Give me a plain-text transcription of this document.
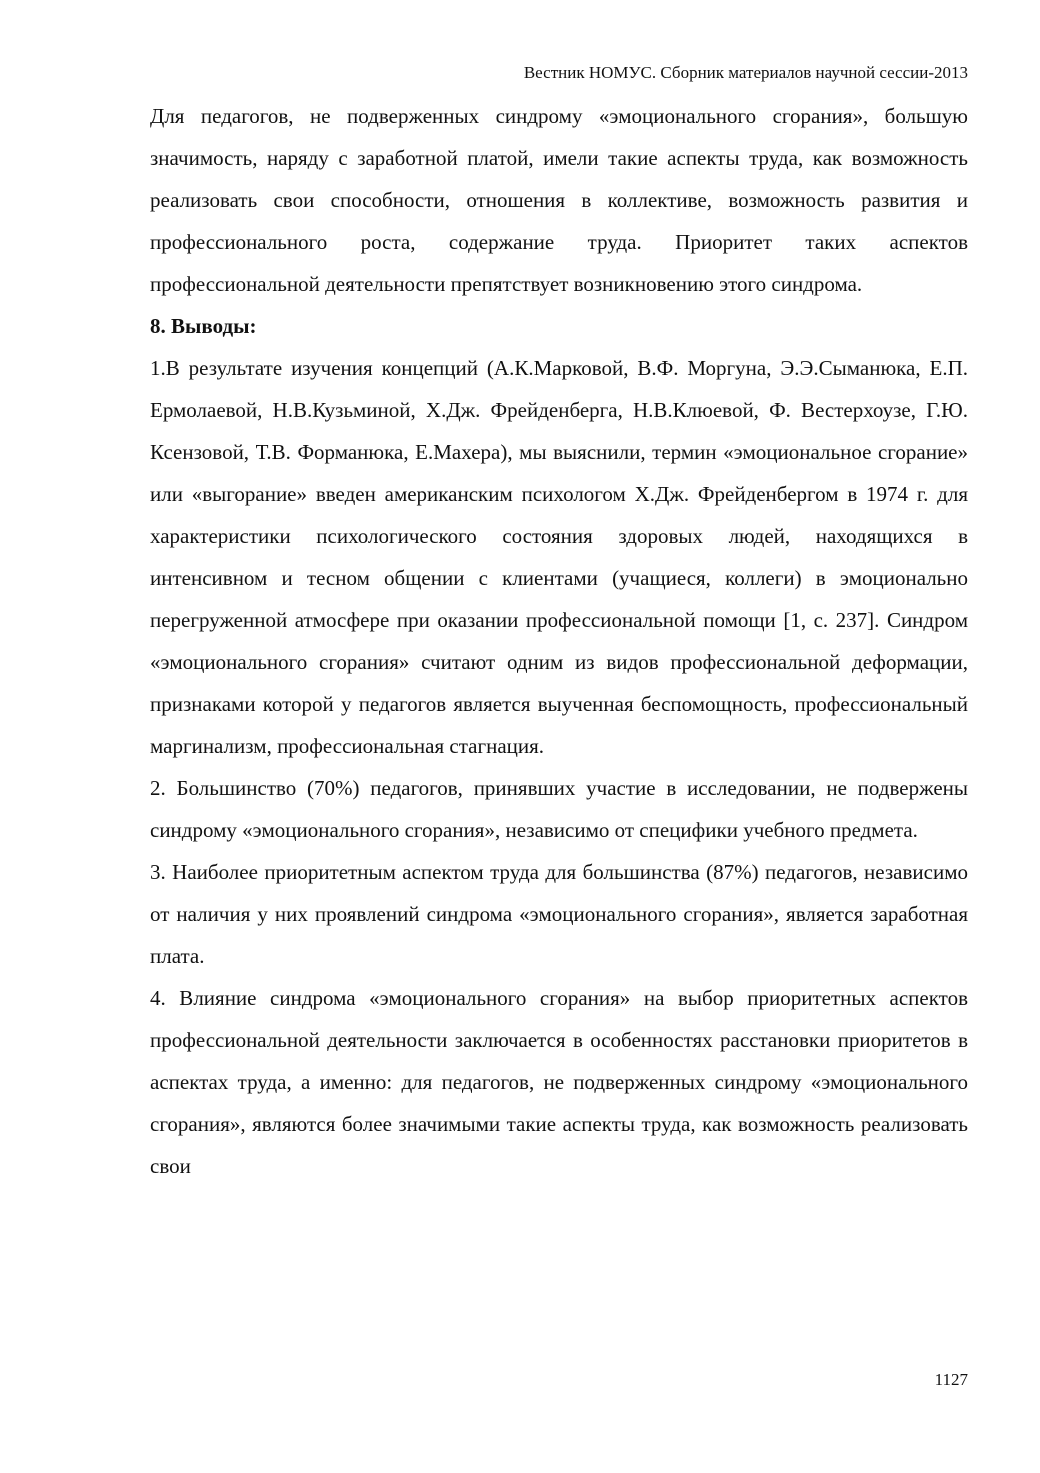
Вестник НОМУС. Сборник материалов научной сессии-2013

Для педагогов, не подверженных синдрому «эмоционального сгорания», большую значимость, наряду с заработной платой, имели такие аспекты труда, как возможность реализовать свои способности, отношения в коллективе, возможность развития и профессионального роста, содержание труда. Приоритет таких аспектов профессиональной деятельности препятствует возникновению этого синдрома.

8. Выводы:

1.В результате изучения концепций (А.К.Марковой, В.Ф. Моргуна, Э.Э.Сыманюка, Е.П. Ермолаевой, Н.В.Кузьминой, Х.Дж. Фрейденберга, Н.В.Клюевой, Ф. Вестерхоузе, Г.Ю. Ксензовой, Т.В. Форманюка, Е.Махера), мы выяснили, термин «эмоциональное сгорание» или «выгорание» введен американским психологом Х.Дж. Фрейденбергом в 1974 г. для характеристики психологического состояния здоровых людей, находящихся в интенсивном и тесном общении с клиентами (учащиеся, коллеги) в эмоционально перегруженной атмосфере при оказании профессиональной помощи [1, с. 237]. Синдром «эмоционального сгорания» считают одним из видов профессиональной деформации, признаками которой у педагогов является выученная беспомощность, профессиональный маргинализм, профессиональная стагнация.

2. Большинство (70%) педагогов, принявших участие в исследовании, не подвержены синдрому «эмоционального сгорания», независимо от специфики учебного предмета.

3. Наиболее приоритетным аспектом труда для большинства (87%) педагогов, независимо от наличия у них проявлений синдрома «эмоционального сгорания», является заработная плата.

4. Влияние синдрома «эмоционального сгорания» на выбор приоритетных аспектов профессиональной деятельности заключается в особенностях расстановки приоритетов в аспектах труда, а именно: для педагогов, не подверженных синдрому «эмоционального сгорания», являются более значимыми такие аспекты труда, как возможность реализовать свои

1127
